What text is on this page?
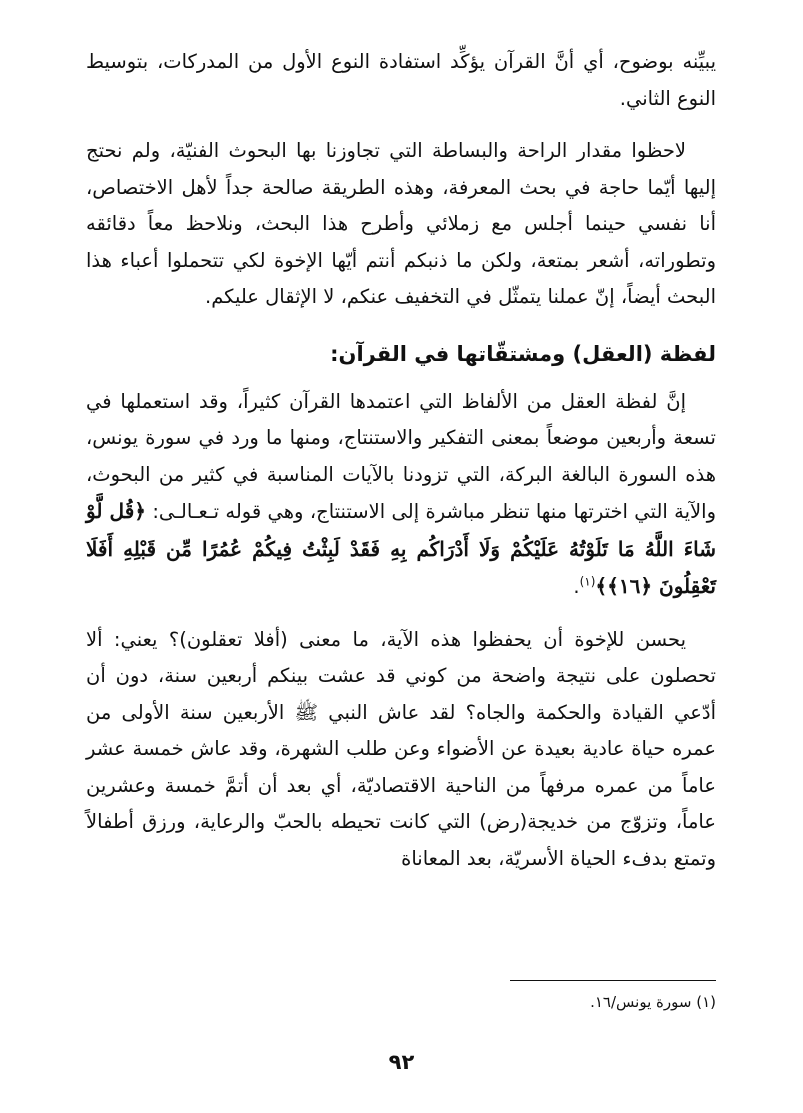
يبيِّنه بوضوح، أي أنَّ القرآن يؤكِّد استفادة النوع الأول من المدركات، بتوسيط النوع الثاني.

لاحظوا مقدار الراحة والبساطة التي تجاوزنا بها البحوث الفنيّة، ولم نحتج إليها أيّما حاجة في بحث المعرفة، وهذه الطريقة صالحة جداً لأهل الاختصاص، أنا نفسي حينما أجلس مع زملائي وأطرح هذا البحث، ونلاحظ معاً دقائقه وتطوراته، أشعر بمتعة، ولكن ما ذنبكم أنتم أيّها الإخوة لكي تتحملوا أعباء هذا البحث أيضاً، إنّ عملنا يتمثّل في التخفيف عنكم، لا الإثقال عليكم.

لفظة (العقل) ومشتقّاتها في القرآن:

إنَّ لفظة العقل من الألفاظ التي اعتمدها القرآن كثيراً، وقد استعملها في تسعة وأربعين موضعاً بمعنى التفكير والاستنتاج، ومنها ما ورد في سورة يونس، هذه السورة البالغة البركة، التي تزودنا بالآيات المناسبة في كثير من البحوث، والآية التي اخترتها منها تنظر مباشرة إلى الاستنتاج، وهي قوله تـعـالـى: ﴿قُل لَّوْ شَاءَ اللَّهُ مَا تَلَوْتُهُ عَلَيْكُمْ وَلَا أَدْرَاكُم بِهِ فَقَدْ لَبِثْتُ فِيكُمْ عُمُرًا مِّن قَبْلِهِ أَفَلَا تَعْقِلُونَ ﴿١٦﴾﴾$^{(١)}$.

يحسن للإخوة أن يحفظوا هذه الآية، ما معنى (أفلا تعقلون)؟ يعني: ألا تحصلون على نتيجة واضحة من كوني قد عشت بينكم أربعين سنة، دون أن أدّعي القيادة والحكمة والجاه؟ لقد عاش النبي ﷺ الأربعين سنة الأولى من عمره حياة عادية بعيدة عن الأضواء وعن طلب الشهرة، وقد عاش خمسة عشر عاماً من عمره مرفهاً من الناحية الاقتصاديّة، أي بعد أن أتمَّ خمسة وعشرين عاماً، وتزوّج من خديجة(رض) التي كانت تحيطه بالحبّ والرعاية، ورزق أطفالاً وتمتع بدفء الحياة الأسريّة، بعد المعاناة

(١) سورة يونس/١٦.
٩٢
